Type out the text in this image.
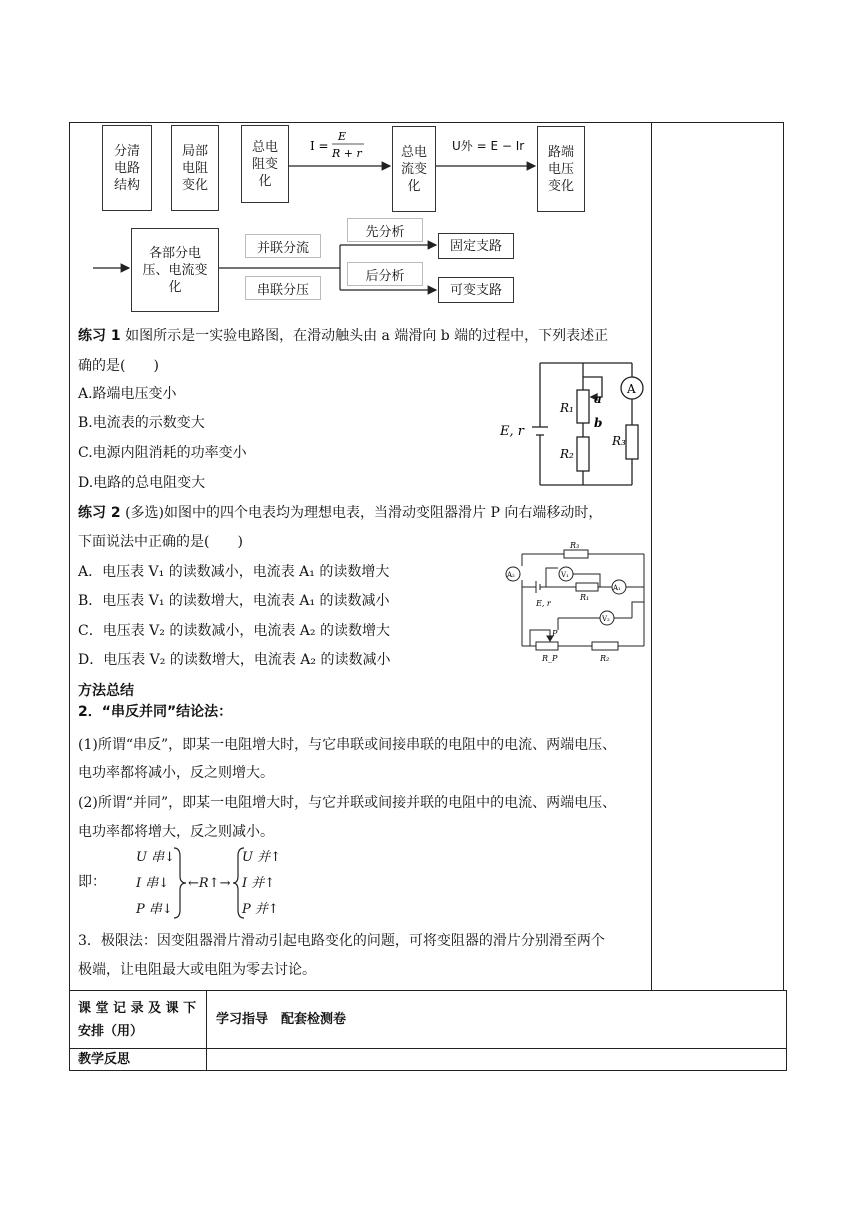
分清
电路
结构
局部
电阻
变化
总电
阻变
化
总电
流变
化
路端
电压
变化
I =
E
R + r
U外 = E − Ir
各部分电
压、电流变
化
并联分流
串联分压
先分析
后分析
固定支路
可变支路
练习 1 如图所示是一实验电路图，在滑动触头由 a 端滑向 b 端的过程中，下列表述正
确的是(　　)
A.路端电压变小
B.电流表的示数变大
C.电源内阻消耗的功率变小
D.电路的总电阻变大
A
E, r
R₁
R₂
R₃
a
b
练习 2 (多选)如图中的四个电表均为理想电表，当滑动变阻器滑片 P 向右端移动时，
下面说法中正确的是(　　)
A．电压表 V₁ 的读数减小，电流表 A₁ 的读数增大
B．电压表 V₁ 的读数增大，电流表 A₁ 的读数减小
C．电压表 V₂ 的读数减小，电流表 A₂ 的读数增大
D．电压表 V₂ 的读数增大，电流表 A₂ 的读数减小
R₃
A₂	V₁
A₁
E, r
R₁
V₂
P
R_P	R₂
方法总结
2．“串反并同”结论法：
(1)所谓“串反”，即某一电阻增大时，与它串联或间接串联的电阻中的电流、两端电压、
电功率都将减小，反之则增大。
(2)所谓“并同”，即某一电阻增大时，与它并联或间接并联的电阻中的电流、两端电压、
电功率都将增大，反之则减小。
即：
U 串↓
I 串↓
P 串↓
←R↑→
U 并↑
I 并↑
P 并↑
3．极限法：因变阻器滑片滑动引起电路变化的问题，可将变阻器的滑片分别滑至两个
极端，让电阻最大或电阻为零去讨论。
课 堂 记 录 及 课 下
安排（用）
学习指导　配套检测卷
教学反思
